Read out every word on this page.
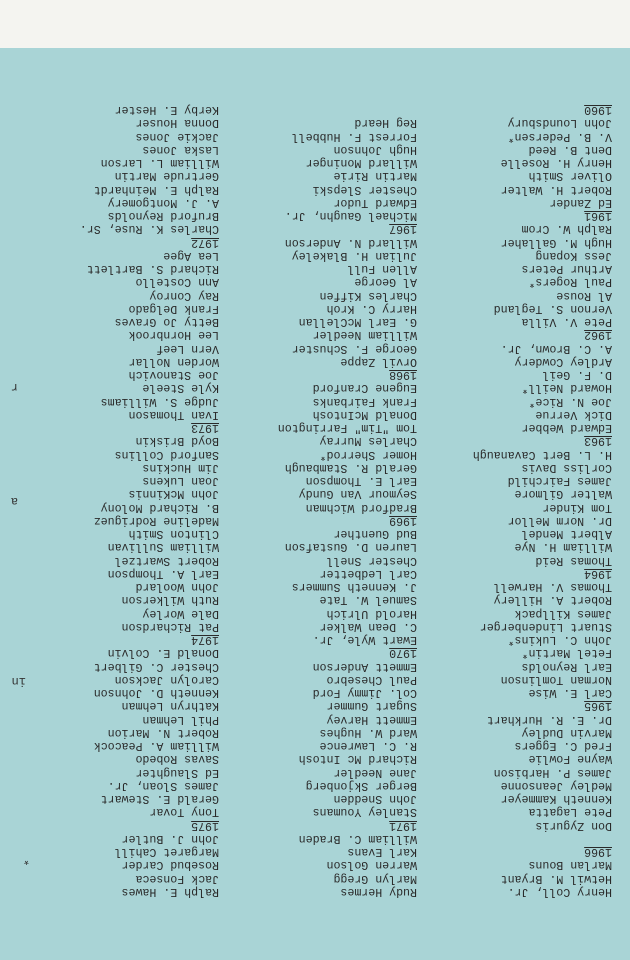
Henry Coll, Jr.
Hetwil M. Bryant
Marlan Bouns
1966
Don Zyguris
Pete Lagatta
Kenneth Kammeyer
Medley Jeansonne
James P. Harbison
Wayne Fowlie
Fred C. Eggers
Marvin Dudley
Dr. E. R. Hurkhart
1965
Carl E. Wise
Norman Tomlinson
Earl Reynolds
Fetel Martin*
John C. Lukins*
Stuart Lindenberger
James Killpack
Robert A. Hillery
Thomas V. Harwell
1964
Thomas Reid
William H. Nye
Albert Mendel
Dr. Norm Mellor
Tom Kinder
Walter Gilmore
James Fairchild
Corliss Davis
H. L. Bert Cavanaugh
1963
Edward Webber
Dick Verrue
Joe N. Rice*
Howard Neill*
D. F. Geil
Ardley Cowdery
A. C. Brown, Jr.
1962
Pete V. Villa
Vernon S. Tegland
Al Rouse
Paul Rogers*
Arthur Peters
Jess Kopang
Hugh M. Gallaher
Ralph W. Crom
1961
Ed Zander
Robert H. Walter
Oliver Smith
Henry H. Roselle
Dent B. Reed
V. B. Pedersen*
John Loundsbury
1960
Rudy Hermes
Marlyn Gregg
Warren Golson
Karl Evans
William C. Braden
1971
Stanley Youmans
John Snedden
Berger Skjonberg
Jane Needler
Richard Mc Intosh
R. C. Lawrence
Ward W. Hughes
Emmett Harvey
Sugart Gummer
Col. Jimmy Ford
Paul Chesebro
Emmett Anderson
1970
Ewart Wyle, Jr.
C. Dean Walker
Harold Ulrich
Samuel W. Tate
J. Kenneth Summers
Carl Ledbetter
Chester Snell
Lauren D. Gustafson
Bud Guenther
1969
Bradford Wichman
Seymour Van Gundy
Earl E. Thompson
Gerald R. Stambaugh
Homer Sherrod*
Charles Murray
Tom "Tim" Farrington
Donald McIntosh
Frank Fairbanks
Eugene Cranford
1968
Orvil Zappe
George F. Schuster
William Needler
G. Earl McClellan
Harry C. Kroh
Charles Kiffen
Al George
Allen Full
Julian H. Blakeley
Willard N. Anderson
1967
Michael Gaughn, Jr.
Edward Tudor
Chester Slepski
Martin Ririe
Willard Moninger
Hugh Johnson
Forrest F. Hubbell
Reg Heard
Ralph E. Hawes
Jack Fonseca
Rosebud Carder
Margaret Cahill
John J. Butler
1975
Tony Tovar
Gerald E. Stewart
James Sloan, Jr.
Ed Slaughter
Savas Robedo
William A. Peacock
Robert N. Marion
Phil Lehman
Kathryn Lehman
Kenneth D. Johnson
Carolyn Jackson
Chester C. Gilbert
Donald E. Colvin
1974
Pat Richardson
Dale Worley
Ruth Wilkerson
John Woolard
Earl A. Thompson
Robert Swartzel
William Sullivan
Clinton Smith
Madeline Rodriguez
B. Richard Molony
John McKinnis
Joan Lukens
Jim Huckins
Sanford Collins
Boyd Briskin
1973
Ivan Thomason
Judge S. Williams
Kyle Steele
Joe Stanovich
Worden Nollar
Vern Leef
Lee Hornbrook
Betty Jo Graves
Frank Delgado
Ray Conroy
Ann Costello
Richard S. Bartlett
Lea Agee
1972
Charles K. Ruse, Sr.
Bruford Reynolds
A. J. Montgomery
Ralph E. Meinhardt
Gertrude Martin
William L. Larson
Laska Jones
Jackie Jones
Donna Houser
Kerby E. Hester
*
in
a
r
